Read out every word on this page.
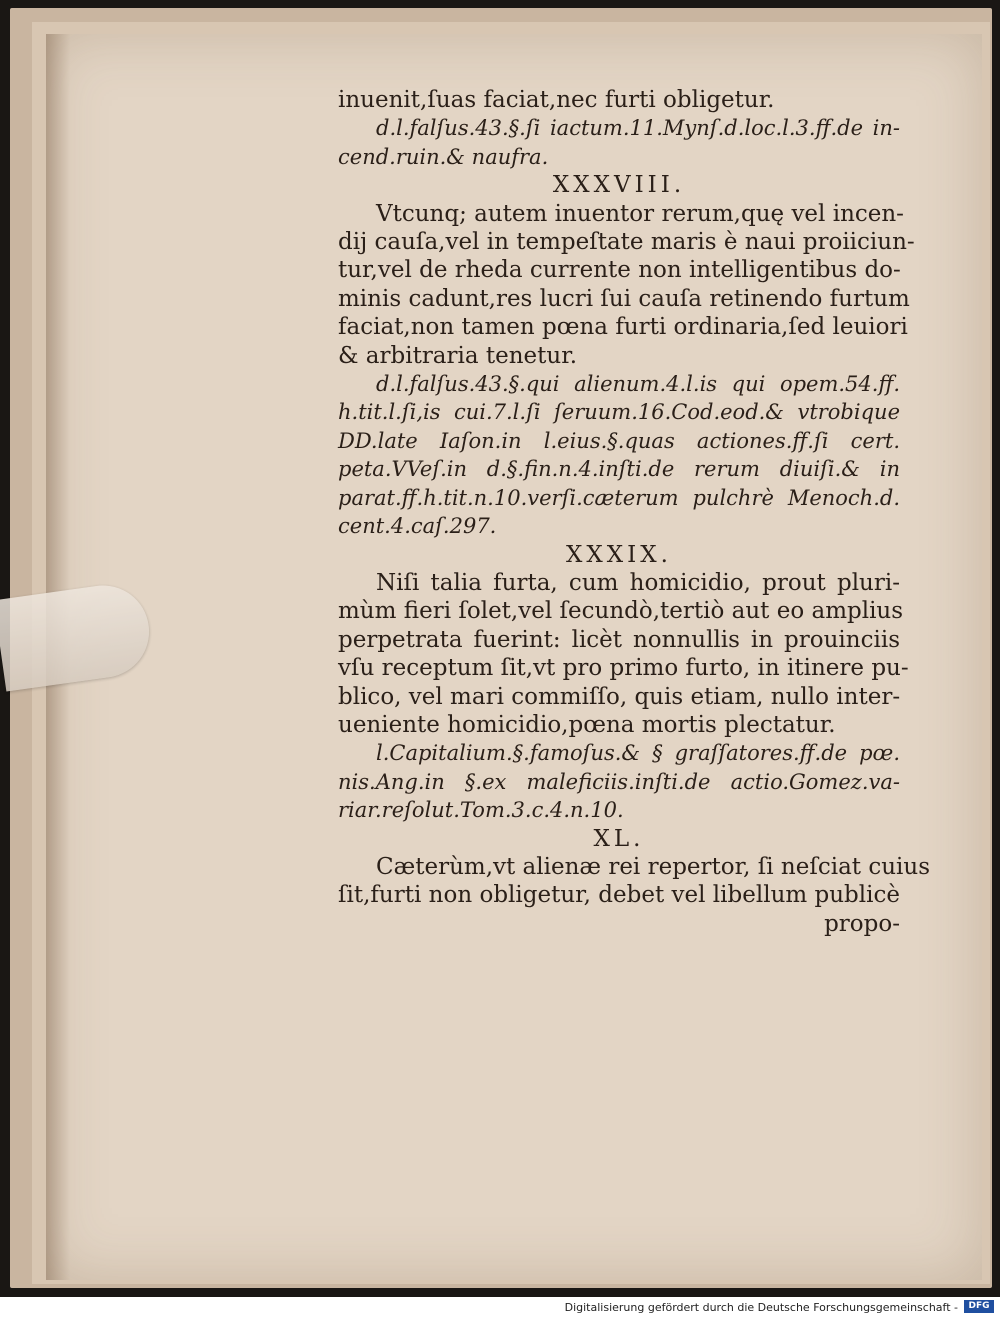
inuenit,ſuas faciat,nec furti obligetur.
d.l.falſus.43.§.ſi iactum.11.Mynſ.d.loc.l.3.ff.de in-
cend.ruin.& naufra.
XXXVIII.
Vtcunq; autem inuentor rerum,quę vel incen-
dij cauſa,vel in tempeſtate maris è naui proiiciun-
tur,vel de rheda currente non intelligentibus do-
minis cadunt,res lucri ſui cauſa retinendo furtum
faciat,non tamen pœna furti ordinaria,ſed leuiori
& arbitraria tenetur.
d.l.falſus.43.§.qui alienum.4.l.is qui opem.54.ff.
h.tit.l.ſi,is cui.7.l.ſi ſeruum.16.Cod.eod.& vtrobique
DD.late Iaſon.in l.eius.§.quas actiones.ff.ſi cert.
peta.VVeſ.in d.§.fin.n.4.inſti.de rerum diuiſi.& in
parat.ff.h.tit.n.10.verſi.cæterum pulchrè Menoch.d.
cent.4.caſ.297.
XXXIX.
Niſi talia furta, cum homicidio, prout pluri-
mùm fieri ſolet,vel ſecundò,tertiò aut eo amplius
perpetrata fuerint: licèt nonnullis in prouinciis
vſu receptum ſit,vt pro primo furto, in itinere pu-
blico, vel mari commiſſo, quis etiam, nullo inter-
ueniente homicidio,pœna mortis plectatur.
l.Capitalium.§.famoſus.& § graſſatores.ff.de pœ.
nis.Ang.in §.ex maleficiis.inſti.de actio.Gomez.va-
riar.reſolut.Tom.3.c.4.n.10.
XL.
Cæterùm,vt alienæ rei repertor, ſi neſciat cuius
ſit,furti non obligetur, debet vel libellum publicè
propo-
Digitalisierung gefördert durch die Deutsche Forschungsgemeinschaft -	DFG
